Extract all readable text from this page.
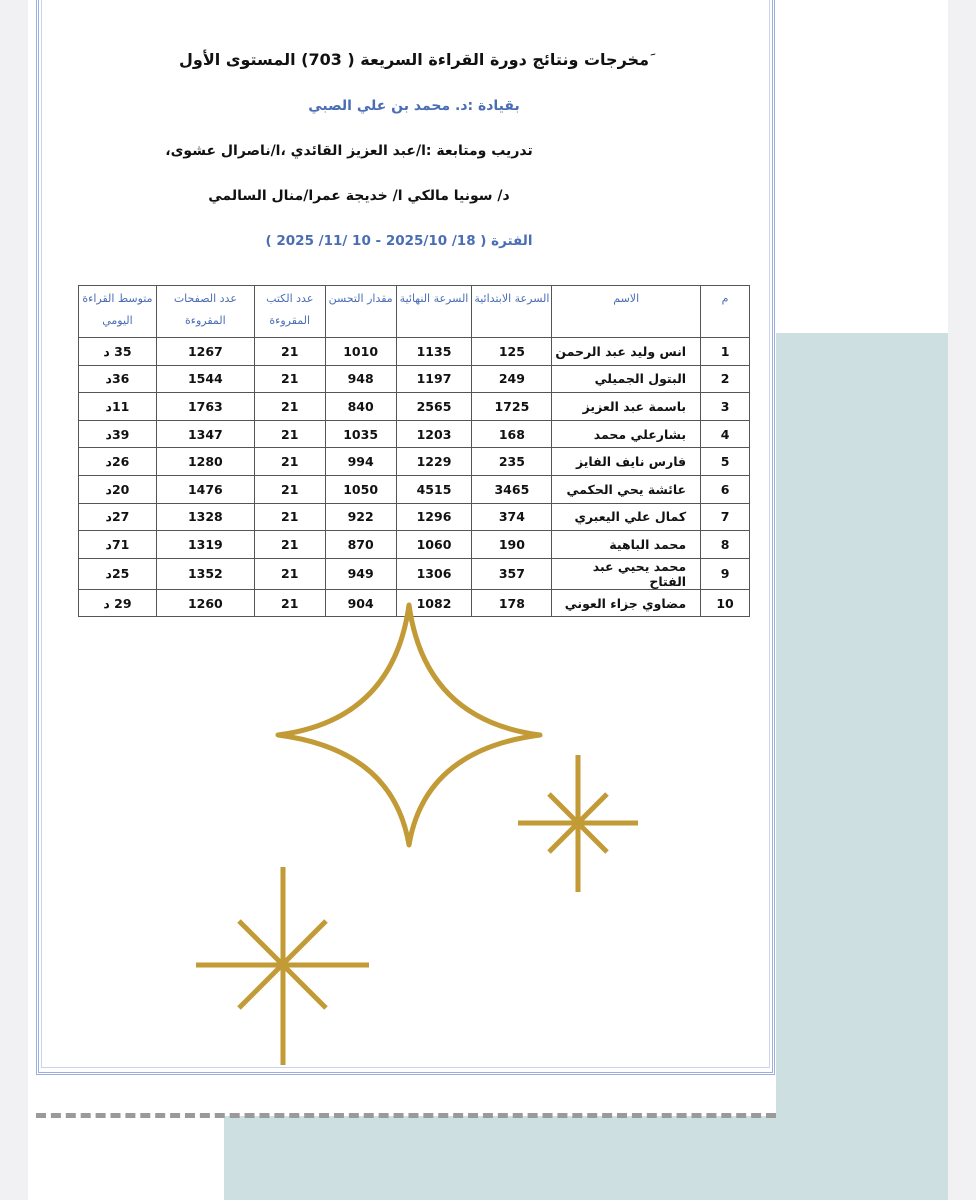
َمخرجات ونتائج دورة القراءة السريعة ( 703) المستوى الأول
بقيادة :د. محمد بن علي الصبي
تدريب ومتابعة :ا/عبد العزيز القائدي ،ا/ناصرال عشوى،
د/ سونيا مالكي ا/ خديجة عمرا/منال السالمي
الفترة ( 18/ 2025/10 - 10 /11/ 2025 )
م	الاسم	السرعة الابتدائية	السرعة النهائية	مقدار التحسن	عدد الكتب المقروءة	عدد الصفحات المقروءة	متوسط القراءة اليومي
1	انس وليد عبد الرحمن	125	1135	1010	21	1267	35 د
2	البتول الجميلي	249	1197	948	21	1544	36د
3	باسمة عبد العزيز	1725	2565	840	21	1763	11د
4	بشارعلي محمد	168	1203	1035	21	1347	39د
5	فارس نايف الفايز	235	1229	994	21	1280	26د
6	عائشة يحي الحكمي	3465	4515	1050	21	1476	20د
7	كمال علي اليعبري	374	1296	922	21	1328	27د
8	محمد الباهية	190	1060	870	21	1319	71د
9	محمد يحيي عبد الفتاح	357	1306	949	21	1352	25د
10	مضاوي جزاء العوني	178	1082	904	21	1260	29 د
